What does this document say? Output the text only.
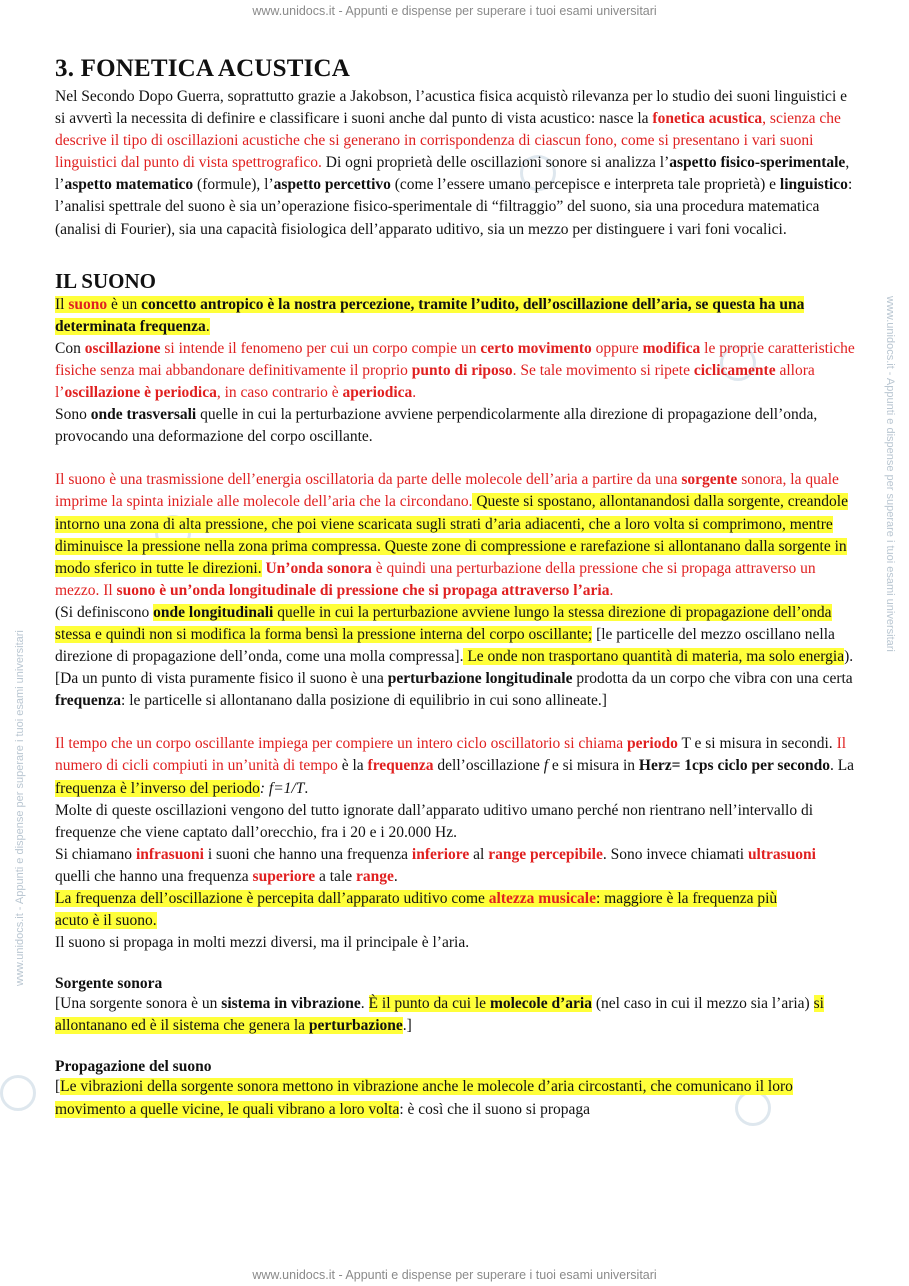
www.unidocs.it - Appunti e dispense per superare i tuoi esami universitari
www.unidocs.it - Appunti e dispense per superare i tuoi esami universitari
www.unidocs.it - Appunti e dispense per superare i tuoi esami universitari
3. FONETICA ACUSTICA

Nel Secondo Dopo Guerra, soprattutto grazie a Jakobson, l’acustica fisica acquistò rilevanza per lo studio dei suoni linguistici e si avvertì la necessita di definire e classificare i suoni anche dal punto di vista acustico: nasce la fonetica acustica, scienza che descrive il tipo di oscillazioni acustiche che si generano in corrispondenza di ciascun fono, come si presentano i vari suoni linguistici dal punto di vista spettrografico. Di ogni proprietà delle oscillazioni sonore si analizza l’aspetto fisico-sperimentale, l’aspetto matematico (formule), l’aspetto percettivo (come l’essere umano percepisce e interpreta tale proprietà) e linguistico: l’analisi spettrale del suono è sia un’operazione fisico-sperimentale di “filtraggio” del suono, sia una procedura matematica (analisi di Fourier), sia una capacità fisiologica dell’apparato uditivo, sia un mezzo per distinguere i vari foni vocalici.

IL SUONO

Il suono è un concetto antropico è la nostra percezione, tramite l’udito, dell’oscillazione dell’aria, se questa ha una determinata frequenza.

Con oscillazione si intende il fenomeno per cui un corpo compie un certo movimento oppure modifica le proprie caratteristiche fisiche senza mai abbandonare definitivamente il proprio punto di riposo. Se tale movimento si ripete ciclicamente allora l’oscillazione è periodica, in caso contrario è aperiodica.

Sono onde trasversali quelle in cui la perturbazione avviene perpendicolarmente alla direzione di propagazione dell’onda, provocando una deformazione del corpo oscillante.

Il suono è una trasmissione dell’energia oscillatoria da parte delle molecole dell’aria a partire da una sorgente sonora, la quale imprime la spinta iniziale alle molecole dell’aria che la circondano. Queste si spostano, allontanandosi dalla sorgente, creandole intorno una zona di alta pressione, che poi viene scaricata sugli strati d’aria adiacenti, che a loro volta si comprimono, mentre diminuisce la pressione nella zona prima compressa. Queste zone di compressione e rarefazione si allontanano dalla sorgente in modo sferico in tutte le direzioni. Un’onda sonora è quindi una perturbazione della pressione che si propaga attraverso un mezzo. Il suono è un’onda longitudinale di pressione che si propaga attraverso l’aria.

(Si definiscono onde longitudinali quelle in cui la perturbazione avviene lungo la stessa direzione di propagazione dell’onda stessa e quindi non si modifica la forma bensì la pressione interna del corpo oscillante; [le particelle del mezzo oscillano nella direzione di propagazione dell’onda, come una molla compressa]. Le onde non trasportano quantità di materia, ma solo energia).

[Da un punto di vista puramente fisico il suono è una perturbazione longitudinale prodotta da un corpo che vibra con una certa frequenza: le particelle si allontanano dalla posizione di equilibrio in cui sono allineate.]

Il tempo che un corpo oscillante impiega per compiere un intero ciclo oscillatorio si chiama periodo T e si misura in secondi. Il numero di cicli compiuti in un’unità di tempo è la frequenza dell’oscillazione f e si misura in Herz= 1cps ciclo per secondo. La frequenza è l’inverso del periodo: f=1/T.

Molte di queste oscillazioni vengono del tutto ignorate dall’apparato uditivo umano perché non rientrano nell’intervallo di frequenze che viene captato dall’orecchio, fra i 20 e i 20.000 Hz.

Si chiamano infrasuoni i suoni che hanno una frequenza inferiore al range percepibile. Sono invece chiamati ultrasuoni quelli che hanno una frequenza superiore a tale range.

La frequenza dell’oscillazione è percepita dall’apparato uditivo come altezza musicale: maggiore è la frequenza più acuto è il suono.

Il suono si propaga in molti mezzi diversi, ma il principale è l’aria.

Sorgente sonora

[Una sorgente sonora è un sistema in vibrazione. È il punto da cui le molecole d’aria (nel caso in cui il mezzo sia l’aria) si allontanano ed è il sistema che genera la perturbazione.]

Propagazione del suono

[Le vibrazioni della sorgente sonora mettono in vibrazione anche le molecole d’aria circostanti, che comunicano il loro movimento a quelle vicine, le quali vibrano a loro volta: è così che il suono si propaga

www.unidocs.it - Appunti e dispense per superare i tuoi esami universitari
